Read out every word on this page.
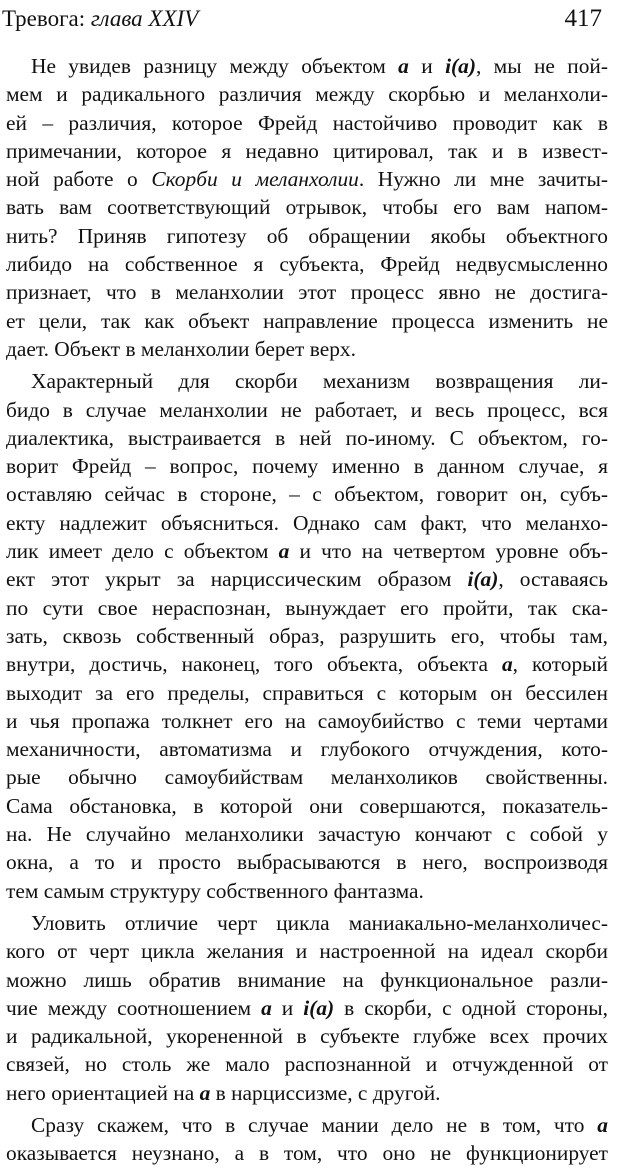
Тревога: глава XXIV	417
Не увидев разницу между объектом a и i(a), мы не пой-
мем и радикального различия между скорбью и меланхоли-
ей – различия, которое Фрейд настойчиво проводит как в
примечании, которое я недавно цитировал, так и в извест-
ной работе о Скорби и меланхолии. Нужно ли мне зачиты-
вать вам соответствующий отрывок, чтобы его вам напом-
нить? Приняв гипотезу об обращении якобы объектного
либидо на собственное я субъекта, Фрейд недвусмысленно
признает, что в меланхолии этот процесс явно не достига-
ет цели, так как объект направление процесса изменить не
дает. Объект в меланхолии берет верх.
Характерный для скорби механизм возвращения ли-
бидо в случае меланхолии не работает, и весь процесс, вся
диалектика, выстраивается в ней по-иному. С объектом, го-
ворит Фрейд – вопрос, почему именно в данном случае, я
оставляю сейчас в стороне, – с объектом, говорит он, субъ-
екту надлежит объясниться. Однако сам факт, что меланхо-
лик имеет дело с объектом a и что на четвертом уровне объ-
ект этот укрыт за нарциссическим образом i(a), оставаясь
по сути свое нераспознан, вынуждает его пройти, так ска-
зать, сквозь собственный образ, разрушить его, чтобы там,
внутри, достичь, наконец, того объекта, объекта a, который
выходит за его пределы, справиться с которым он бессилен
и чья пропажа толкнет его на самоубийство с теми чертами
механичности, автоматизма и глубокого отчуждения, кото-
рые обычно самоубийствам меланхоликов свойственны.
Сама обстановка, в которой они совершаются, показатель-
на. Не случайно меланхолики зачастую кончают с собой у
окна, а то и просто выбрасываются в него, воспроизводя
тем самым структуру собственного фантазма.
Уловить отличие черт цикла маниакально-меланхоличес-
кого от черт цикла желания и настроенной на идеал скорби
можно лишь обратив внимание на функциональное разли-
чие между соотношением a и i(a) в скорби, с одной стороны,
и радикальной, укорененной в субъекте глубже всех прочих
связей, но столь же мало распознанной и отчужденной от
него ориентацией на a в нарциссизме, с другой.
Сразу скажем, что в случае мании дело не в том, что a
оказывается неузнано, а в том, что оно не функционирует
